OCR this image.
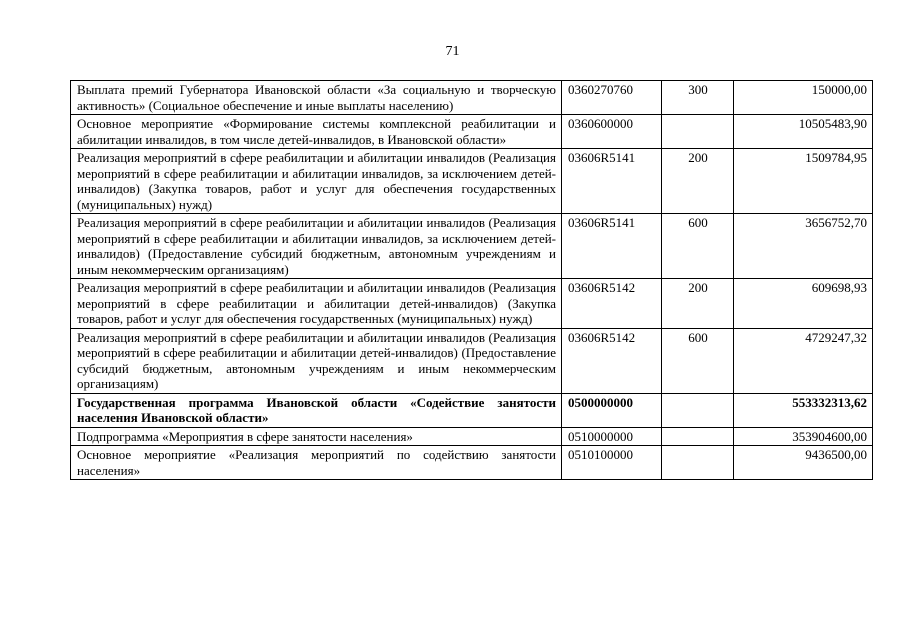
71
Выплата премий Губернатора Ивановской области «За социальную и творческую активность» (Социальное обеспечение и иные выплаты населению)	0360270760	300	150000,00
Основное мероприятие «Формирование системы комплексной реабилитации и абилитации инвалидов, в том числе детей-инвалидов, в Ивановской области»	0360600000		10505483,90
Реализация мероприятий в сфере реабилитации и абилитации инвалидов (Реализация мероприятий в сфере реабилитации и абилитации инвалидов, за исключением детей-инвалидов) (Закупка товаров, работ и услуг для обеспечения государственных (муниципальных) нужд)	03606R5141	200	1509784,95
Реализация мероприятий в сфере реабилитации и абилитации инвалидов (Реализация мероприятий в сфере реабилитации и абилитации инвалидов, за исключением детей-инвалидов) (Предоставление субсидий бюджетным, автономным учреждениям и иным некоммерческим организациям)	03606R5141	600	3656752,70
Реализация мероприятий в сфере реабилитации и абилитации инвалидов (Реализация мероприятий в сфере реабилитации и абилитации детей-инвалидов) (Закупка товаров, работ и услуг для обеспечения государственных (муниципальных) нужд)	03606R5142	200	609698,93
Реализация мероприятий в сфере реабилитации и абилитации инвалидов (Реализация мероприятий в сфере реабилитации и абилитации детей-инвалидов) (Предоставление субсидий бюджетным, автономным учреждениям и иным некоммерческим организациям)	03606R5142	600	4729247,32
Государственная программа Ивановской области «Содействие занятости населения Ивановской области»	0500000000		553332313,62
Подпрограмма «Мероприятия в сфере занятости населения»	0510000000		353904600,00
Основное мероприятие «Реализация мероприятий по содействию занятости населения»	0510100000		9436500,00
